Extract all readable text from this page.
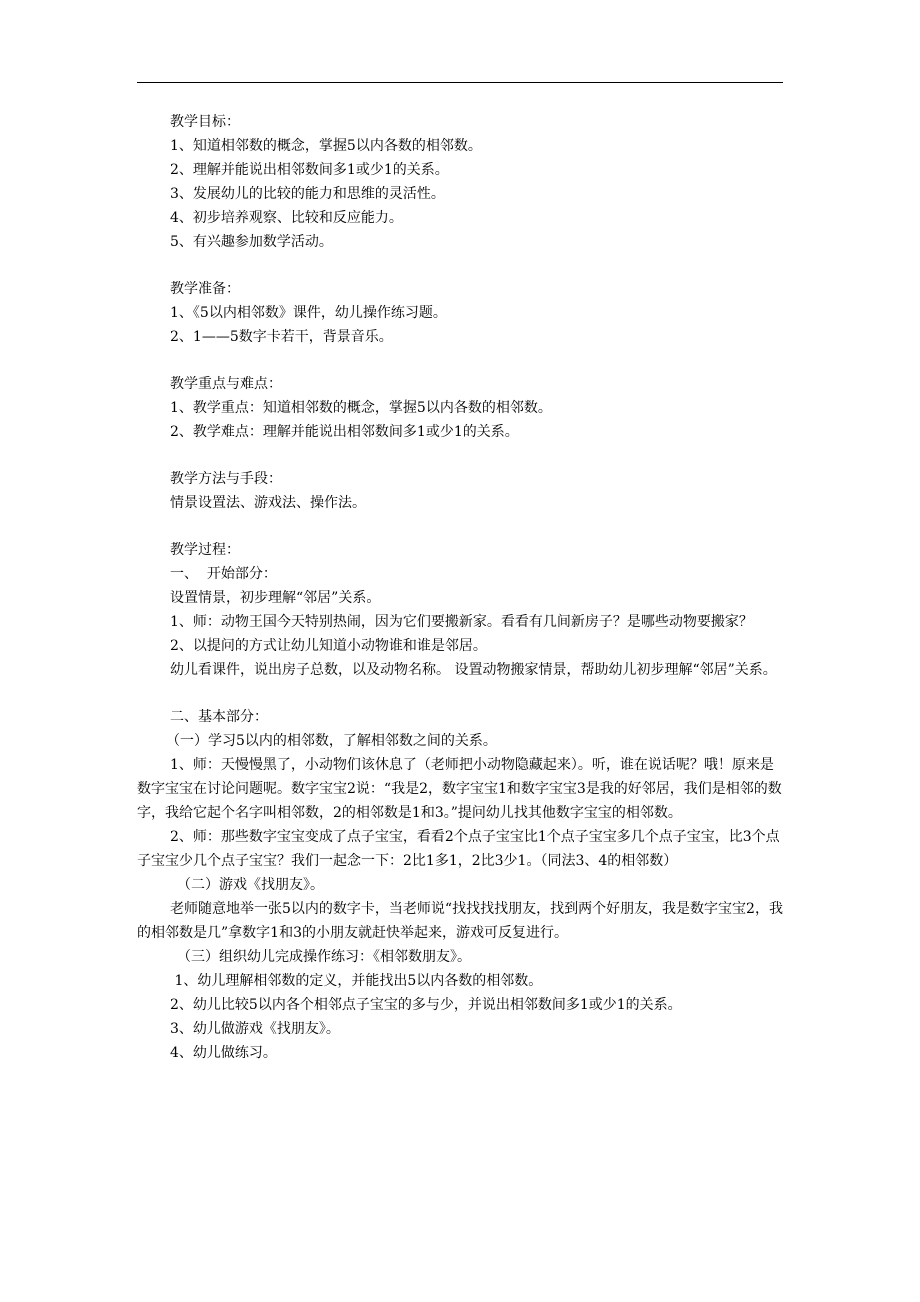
教学目标：

1、知道相邻数的概念，掌握5以内各数的相邻数。

2、理解并能说出相邻数间多1或少1的关系。

3、发展幼儿的比较的能力和思维的灵活性。

4、初步培养观察、比较和反应能力。

5、有兴趣参加数学活动。

教学准备：

1、《5以内相邻数》课件，幼儿操作练习题。

2、1——5数字卡若干，背景音乐。

教学重点与难点：

1、教学重点：知道相邻数的概念，掌握5以内各数的相邻数。

2、教学难点：理解并能说出相邻数间多1或少1的关系。

教学方法与手段：

情景设置法、游戏法、操作法。

教学过程：

一、  开始部分：

设置情景，初步理解“邻居”关系。

1、师：动物王国今天特别热闹，因为它们要搬新家。看看有几间新房子？是哪些动物要搬家？

2、以提问的方式让幼儿知道小动物谁和谁是邻居。

幼儿看课件，说出房子总数，以及动物名称。 设置动物搬家情景，帮助幼儿初步理解“邻居”关系。

二、基本部分：

（一）学习5以内的相邻数，了解相邻数之间的关系。

1、师：天慢慢黑了，小动物们该休息了（老师把小动物隐藏起来）。听，谁在说话呢？哦！原来是数字宝宝在讨论问题呢。数字宝宝2说：“我是2，数字宝宝1和数字宝宝3是我的好邻居，我们是相邻的数字，我给它起个名字叫相邻数，2的相邻数是1和3。”提问幼儿找其他数字宝宝的相邻数。

2、师：那些数字宝宝变成了点子宝宝，看看2个点子宝宝比1个点子宝宝多几个点子宝宝，比3个点子宝宝少几个点子宝宝？我们一起念一下：2比1多1，2比3少1。（同法3、4的相邻数）

（二）游戏《找朋友》。

老师随意地举一张5以内的数字卡，当老师说“找找找找朋友，找到两个好朋友，我是数字宝宝2，我的相邻数是几”拿数字1和3的小朋友就赶快举起来，游戏可反复进行。

（三）组织幼儿完成操作练习：《相邻数朋友》。

1、幼儿理解相邻数的定义，并能找出5以内各数的相邻数。

2、幼儿比较5以内各个相邻点子宝宝的多与少，并说出相邻数间多1或少1的关系。

3、幼儿做游戏《找朋友》。

4、幼儿做练习。
